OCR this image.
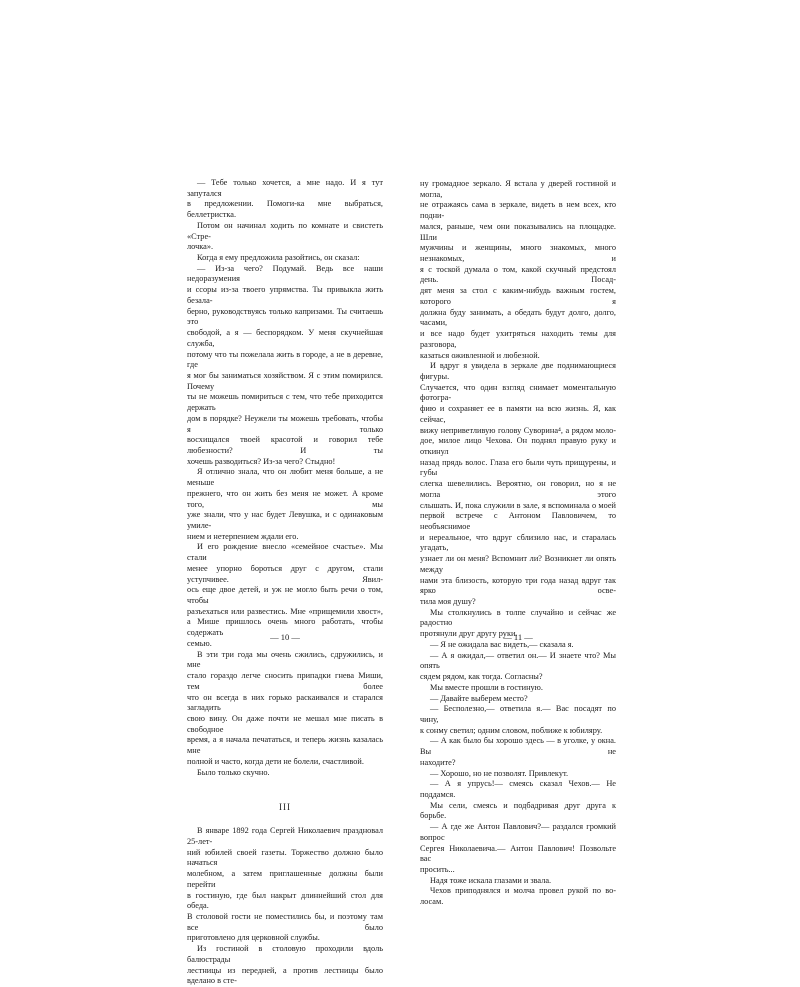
— Тебе только хочется, а мне надо. И я тут запутался
в предложении. Помоги-ка мне выбраться, беллетристка.

Потом он начинал ходить по комнате и свистеть «Стре-
лочка».

Когда я ему предложила разойтись, он сказал:

— Из-за чего? Подумай. Ведь все наши недоразумения
и ссоры из-за твоего упрямства. Ты привыкла жить безала-
берно, руководствуясь только капризами. Ты считаешь это
свободой, а я — беспорядком. У меня скучнейшая служба,
потому что ты пожелала жить в городе, а не в деревне, где
я мог бы заниматься хозяйством. Я с этим помирился. Почему
ты не можешь помириться с тем, что тебе приходится держать
дом в порядке? Неужели ты можешь требовать, чтобы я только
восхищался твоей красотой и говорил тебе любезности? И ты
хочешь разводиться? Из-за чего? Стыдно!

Я отлично знала, что он любит меня больше, а не меньше
прежнего, что он жить без меня не может. А кроме того, мы
уже знали, что у нас будет Левушка, и с одинаковым умиле-
нием и нетерпением ждали его.

И его рождение внесло «семейное счастье». Мы стали
менее упорно бороться друг с другом, стали уступчивее. Явил-
ось еще двое детей, и уж не могло быть речи о том, чтобы
разъехаться или развестись. Мне «прищемили хвост»,
а Мише пришлось очень много работать, чтобы содержать
семью.

В эти три года мы очень сжились, сдружились, и мне
стало гораздо легче сносить припадки гнева Миши, тем более
что он всегда в них горько раскаивался и старался загладить
свою вину. Он даже почти не мешал мне писать в свободное
время, а я начала печататься, и теперь жизнь казалась мне
полной и часто, когда дети не болели, счастливой.

Было только скучно.

III

В январе 1892 года Сергей Николаевич праздновал 25-лет-
ний юбилей своей газеты. Торжество должно было начаться
молебном, а затем приглашенные должны были перейти
в гостиную, где был накрыт длиннейший стол для обеда.
В столовой гости не поместились бы, и поэтому там все было
приготовлено для церковной службы.

Из гостиной в столовую проходили вдоль балюстрады
лестницы из передней, а против лестницы было вделано в сте-

— 10 —

ну громадное зеркало. Я встала у дверей гостиной и могла,
не отражаясь сама в зеркале, видеть в нем всех, кто подни-
мался, раньше, чем они показывались на площадке. Шли
мужчины и женщины, много знакомых, много незнакомых, и
я с тоской думала о том, какой скучный предстоял день. Посад-
дят меня за стол с каким-нибудь важным гостем, которого я
должна буду занимать, а обедать будут долго, долго, часами,
и все надо будет ухитряться находить темы для разговора,
казаться оживленной и любезной.

И вдруг я увидела в зеркале две поднимающиеся фигуры.
Случается, что один взгляд снимает моментальную фотогра-
фию и сохраняет ее в памяти на всю жизнь. Я, как сейчас,
вижу неприветливую голову Суворина⁴, а рядом моло-
дое, милое лицо Чехова. Он поднял правую руку и откинул
назад прядь волос. Глаза его были чуть прищурены, и губы
слегка шевелились. Вероятно, он говорил, но я не могла этого
слышать. И, пока служили в зале, я вспоминала о моей
первой встрече с Антоном Павловичем, то необъяснимое
и нереальное, что вдруг сблизило нас, и старалась угадать,
узнает ли он меня? Вспомнит ли? Возникнет ли опять между
нами эта близость, которую три года назад вдруг так ярко осве-
тила моя душу?

Мы столкнулись в толпе случайно и сейчас же радостно
протянули друг другу руки.

— Я не ожидала вас видеть,— сказала я.

— А я ожидал,— ответил он.— И знаете что? Мы опять
сядем рядом, как тогда. Согласны?

Мы вместе прошли в гостиную.

— Давайте выберем место?

— Бесполезно,— ответила я.— Вас посадят по чину,
к сонму светил; одним словом, поближе к юбиляру.

— А как было бы хорошо здесь — в уголке, у окна. Вы не
находите?

— Хорошо, но не позволят. Привлекут.

— А я упрусь!— смеясь сказал Чехов.— Не поддамся.

Мы сели, смеясь и подбадривая друг друга к борьбе.

— А где же Антон Павлович?— раздался громкий вопрос
Сергея Николаевича.— Антон Павлович! Позвольте вас
просить...

Надя тоже искала глазами и звала.

Чехов приподнялся и молча провел рукой по во-
лосам.

— 11 —
